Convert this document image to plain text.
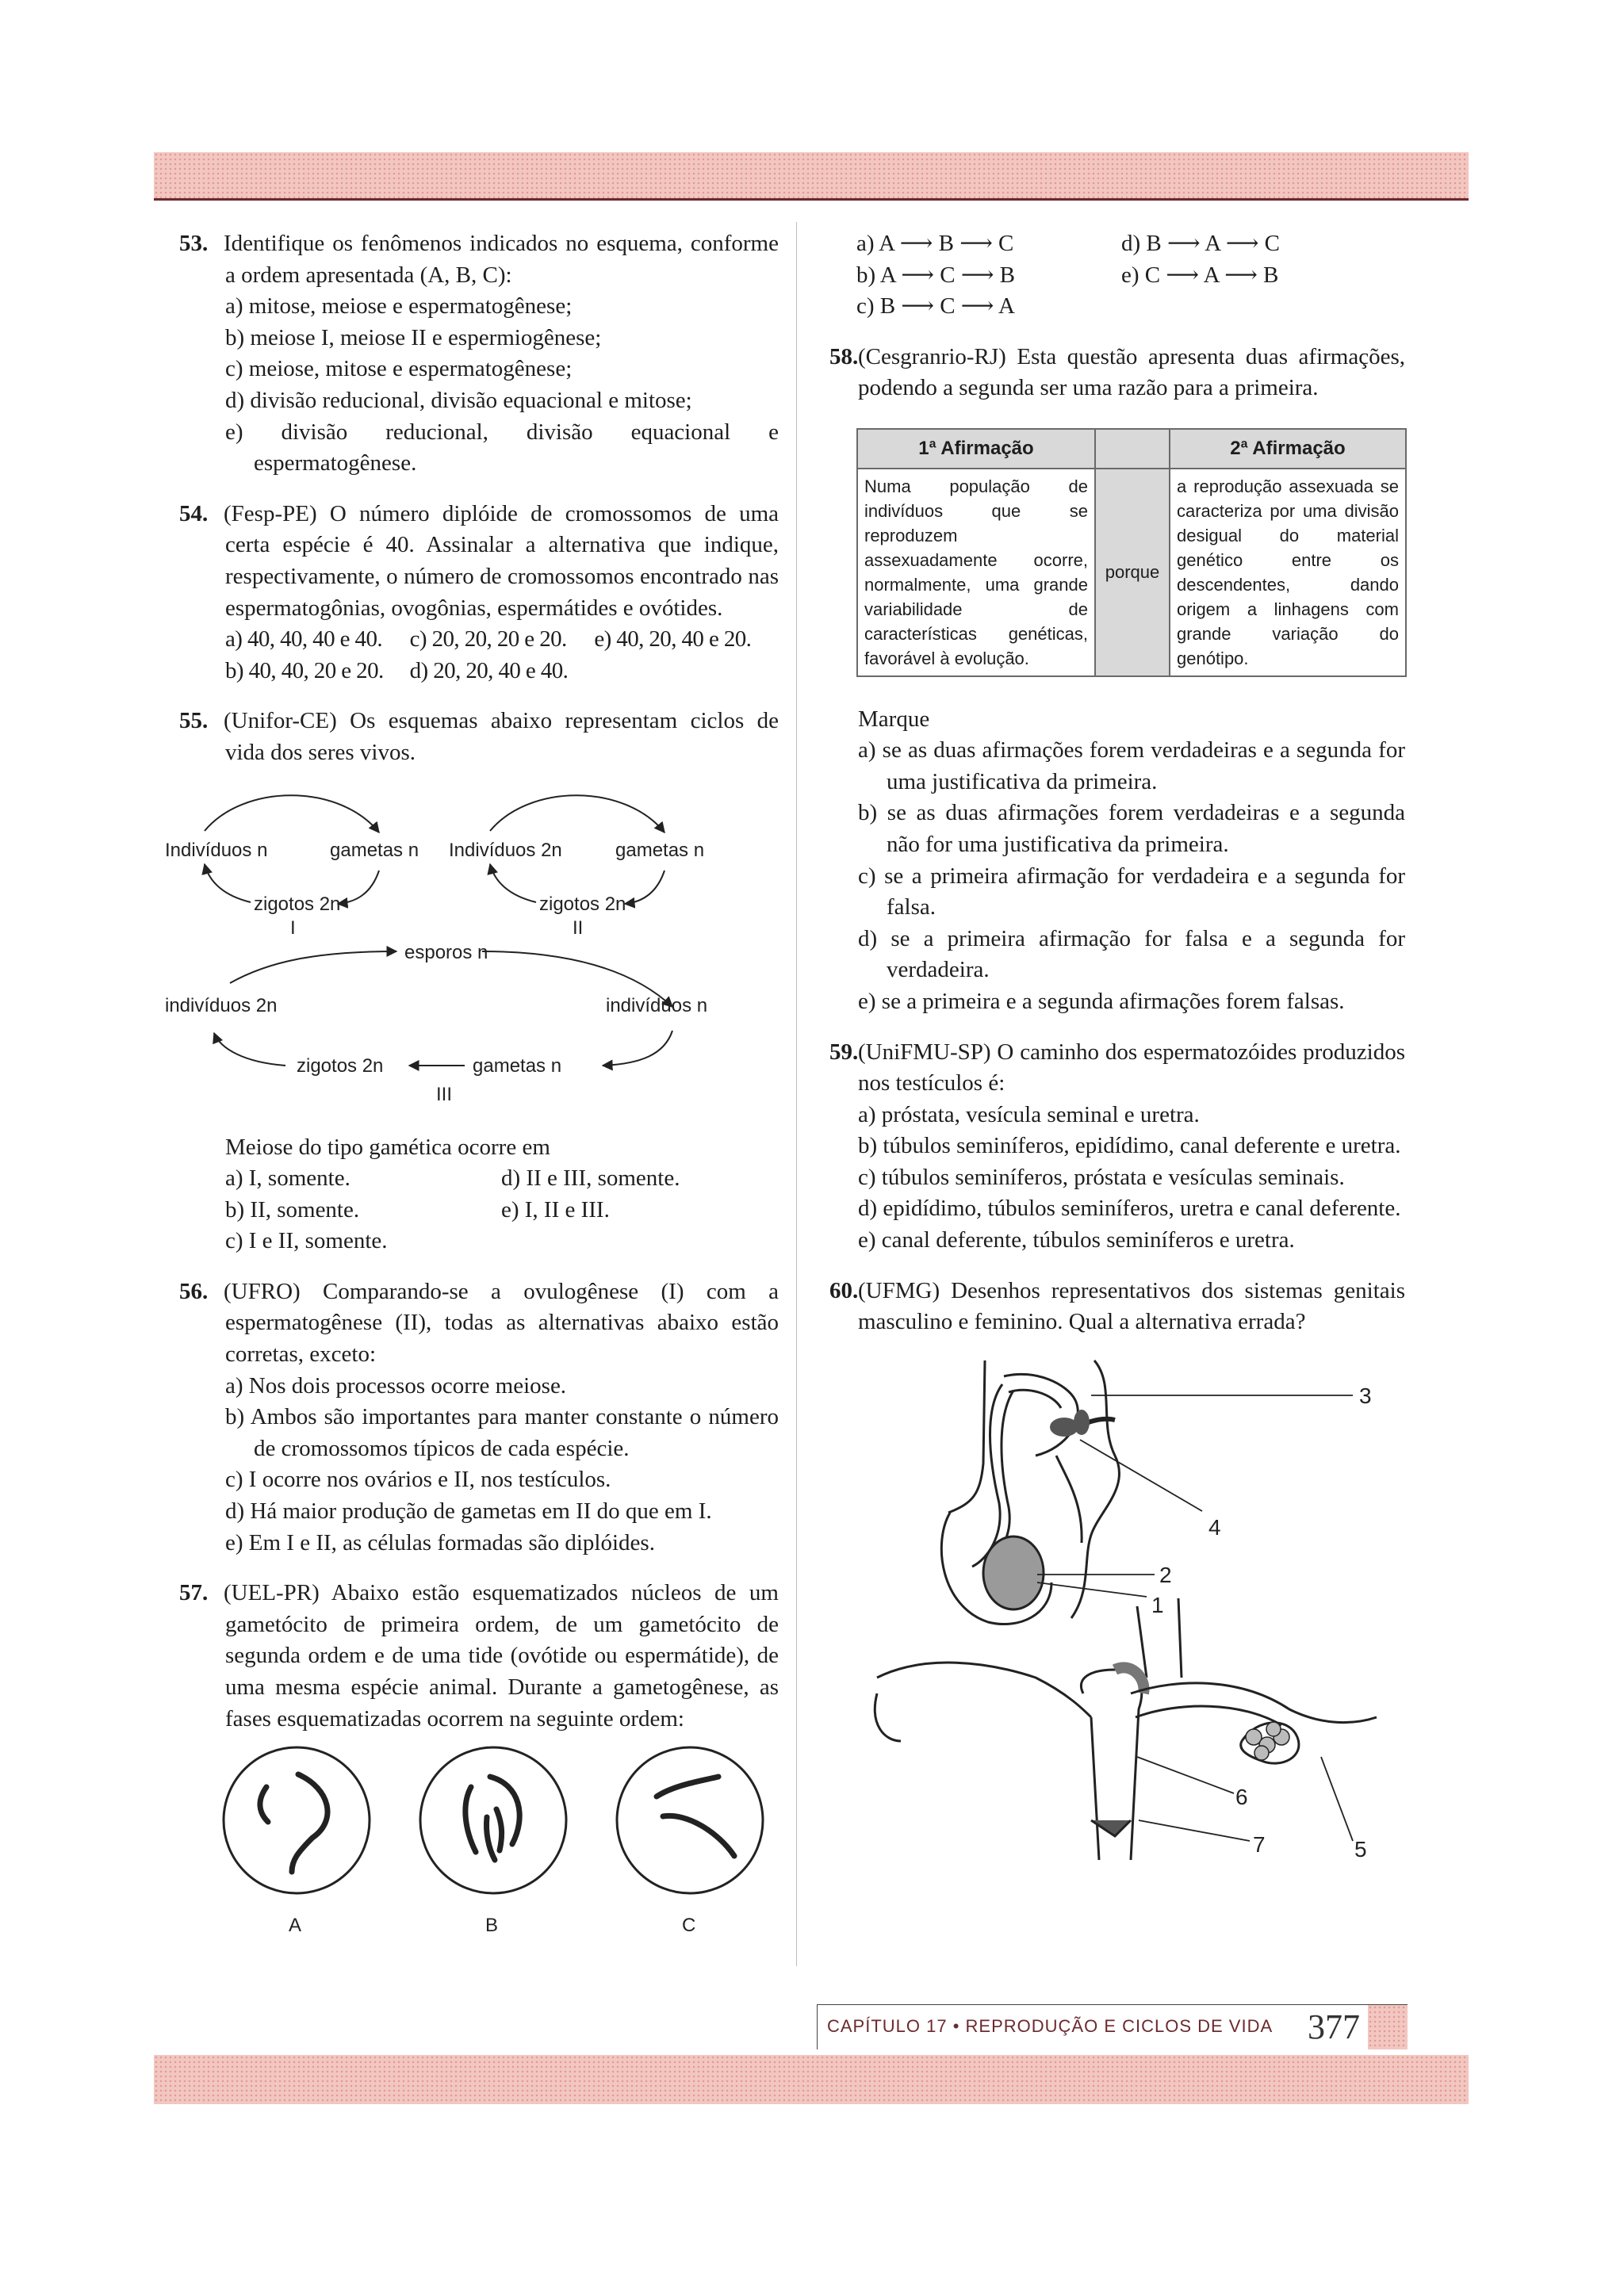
53. Identifique os fenômenos indicados no esquema, conforme a ordem apresentada (A, B, C):
a) mitose, meiose e espermatogênese;
b) meiose I, meiose II e espermiogênese;
c) meiose, mitose e espermatogênese;
d) divisão reducional, divisão equacional e mitose;
e) divisão reducional, divisão equacional e espermatogênese.
54. (Fesp-PE) O número diplóide de cromossomos de uma certa espécie é 40. Assinalar a alternativa que indique, respectivamente, o número de cromossomos encontrado nas espermatogônias, ovogônias, espermátides e ovótides.
a) 40, 40, 40 e 40.	c) 20, 20, 20 e 20.	e) 40, 20, 40 e 20.
b) 40, 40, 20 e 20.	d) 20, 20, 40 e 40.
55. (Unifor-CE) Os esquemas abaixo representam ciclos de vida dos seres vivos.
Indivíduos n	gametas n
zigotos 2n
I
Indivíduos 2n	gametas n
zigotos 2n
II
esporos n
indivíduos 2n	indivíduos n
zigotos 2n	gametas n
III
Meiose do tipo gamética ocorre em
a) I, somente.	d) II e III, somente.
b) II, somente.	e) I, II e III.
c) I e II, somente.
56. (UFRO) Comparando-se a ovulogênese (I) com a espermatogênese (II), todas as alternativas abaixo estão corretas, exceto:
a) Nos dois processos ocorre meiose.
b) Ambos são importantes para manter constante o número de cromossomos típicos de cada espécie.
c) I ocorre nos ovários e II, nos testículos.
d) Há maior produção de gametas em II do que em I.
e) Em I e II, as células formadas são diplóides.
57. (UEL-PR) Abaixo estão esquematizados núcleos de um gametócito de primeira ordem, de um gametócito de segunda ordem e de uma tide (ovótide ou espermátide), de uma mesma espécie animal. Durante a gametogênese, as fases esquematizadas ocorrem na seguinte ordem:
A	B	C
a) A ⟶ B ⟶ C	d) B ⟶ A ⟶ C
b) A ⟶ C ⟶ B	e) C ⟶ A ⟶ B
c) B ⟶ C ⟶ A
58.(Cesgranrio-RJ) Esta questão apresenta duas afirmações, podendo a segunda ser uma razão para a primeira.
1ª Afirmação		2ª Afirmação
Numa população de indivíduos que se reproduzem assexuadamente ocorre, normalmente, uma grande variabilidade de características genéticas, favorável à evolução.	porque	a reprodução assexuada se caracteriza por uma divisão desigual do material genético entre os descendentes, dando origem a linhagens com grande variação do genótipo.
Marque
a) se as duas afirmações forem verdadeiras e a segunda for uma justificativa da primeira.
b) se as duas afirmações forem verdadeiras e a segunda não for uma justificativa da primeira.
c) se a primeira afirmação for verdadeira e a segunda for falsa.
d) se a primeira afirmação for falsa e a segunda for verdadeira.
e) se a primeira e a segunda afirmações forem falsas.
59.(UniFMU-SP) O caminho dos espermatozóides produzidos nos testículos é:
a) próstata, vesícula seminal e uretra.
b) túbulos seminíferos, epidídimo, canal deferente e uretra.
c) túbulos seminíferos, próstata e vesículas seminais.
d) epidídimo, túbulos seminíferos, uretra e canal deferente.
e) canal deferente, túbulos seminíferos e uretra.
60.(UFMG) Desenhos representativos dos sistemas genitais masculino e feminino. Qual a alternativa errada?
3
4
2
1
6
7	5
CAPÍTULO 17 • REPRODUÇÃO E CICLOS DE VIDA 377
